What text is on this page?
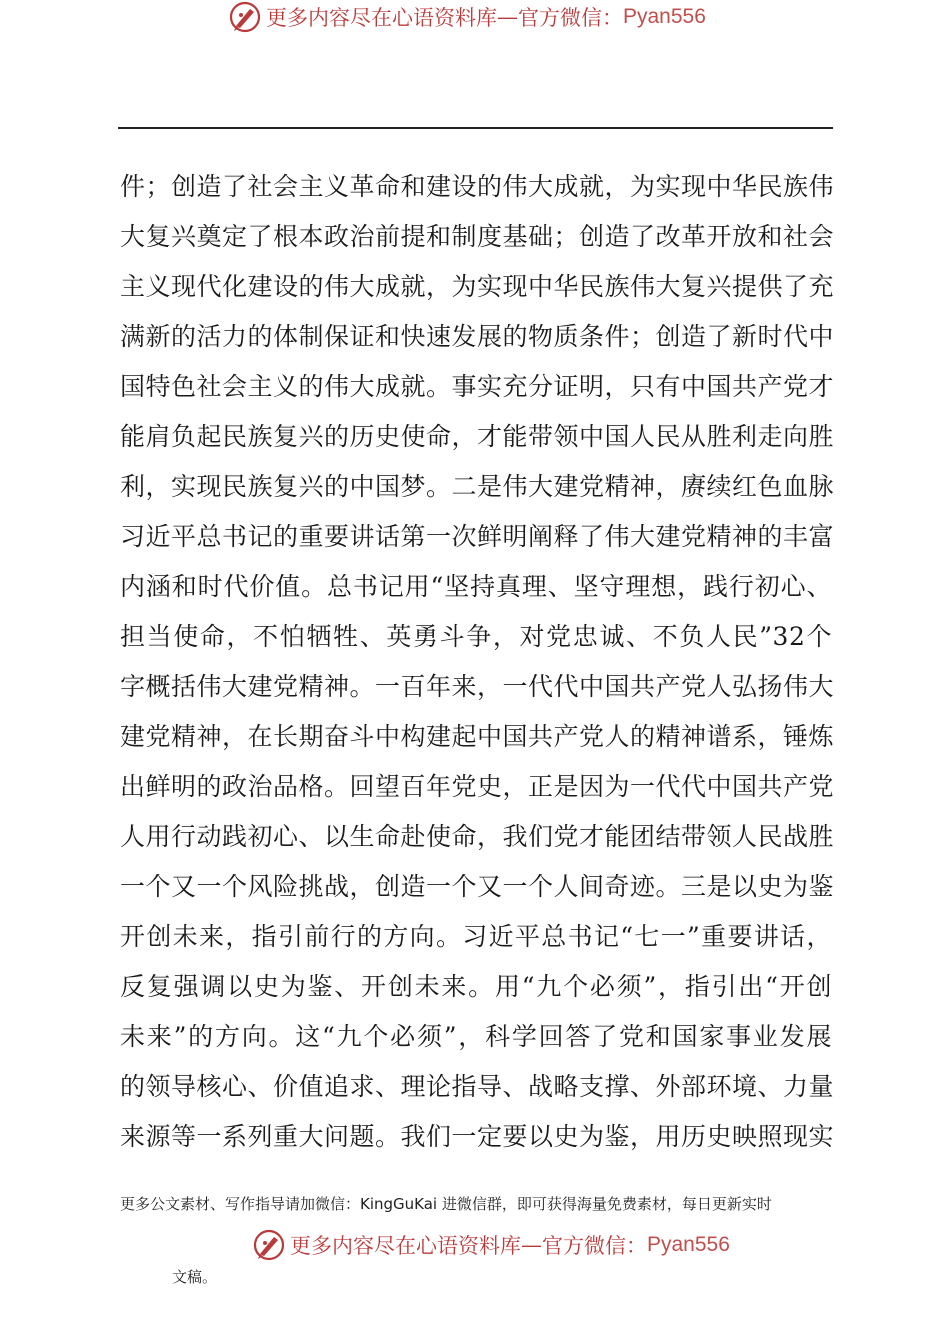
更多内容尽在心语资料库 — 官方微信： Pyan556
件；创造了社会主义革命和建设的伟大成就，为实现中华民族伟
大复兴奠定了根本政治前提和制度基础；创造了改革开放和社会
主义现代化建设的伟大成就，为实现中华民族伟大复兴提供了充
满新的活力的体制保证和快速发展的物质条件；创造了新时代中
国特色社会主义的伟大成就。事实充分证明，只有中国共产党才
能肩负起民族复兴的历史使命，才能带领中国人民从胜利走向胜
利，实现民族复兴的中国梦。二是伟大建党精神，赓续红色血脉
习近平总书记的重要讲话第一次鲜明阐释了伟大建党精神的丰富
内涵和时代价值。总书记用“坚持真理、坚守理想，践行初心、
担当使命，不怕牺牲、英勇斗争，对党忠诚、不负人民”32个
字概括伟大建党精神。一百年来，一代代中国共产党人弘扬伟大
建党精神，在长期奋斗中构建起中国共产党人的精神谱系，锤炼
出鲜明的政治品格。回望百年党史，正是因为一代代中国共产党
人用行动践初心、以生命赴使命，我们党才能团结带领人民战胜
一个又一个风险挑战，创造一个又一个人间奇迹。三是以史为鉴
开创未来，指引前行的方向。习近平总书记“七一”重要讲话，
反复强调以史为鉴、开创未来。用“九个必须”，指引出“开创
未来”的方向。这“九个必须”，科学回答了党和国家事业发展
的领导核心、价值追求、理论指导、战略支撑、外部环境、力量
来源等一系列重大问题。我们一定要以史为鉴，用历史映照现实
更多公文素材、写作指导请加微信：KingGuKai 进微信群，即可获得海量免费素材，每日更新实时
更多内容尽在心语资料库 — 官方微信： Pyan556
文稿。
